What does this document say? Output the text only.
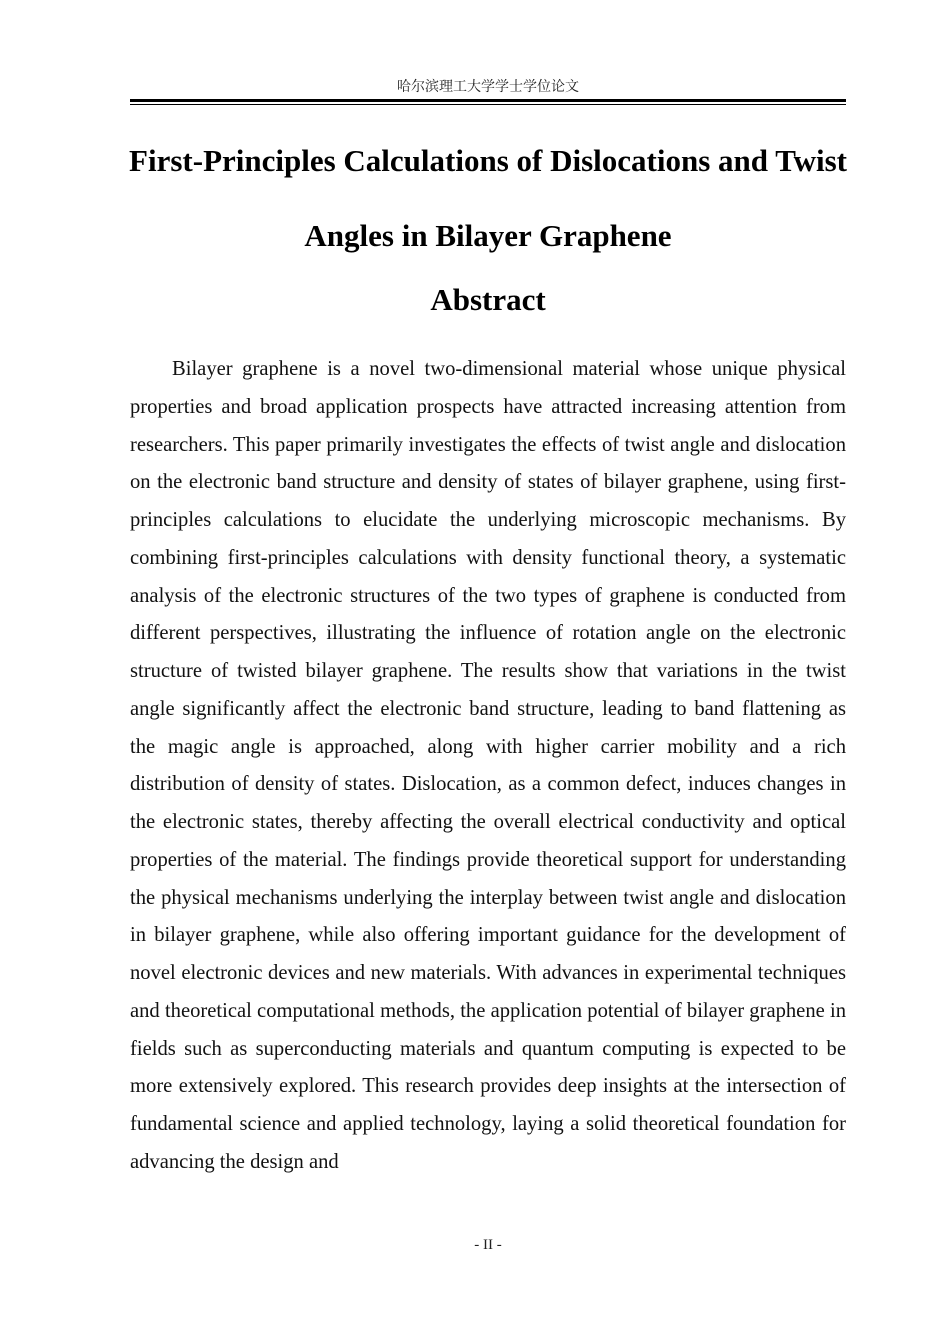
哈尔滨理工大学学士学位论文
First-Principles Calculations of Dislocations and Twist Angles in Bilayer Graphene
Abstract

Bilayer graphene is a novel two-dimensional material whose unique physical properties and broad application prospects have attracted increasing attention from researchers. This paper primarily investigates the effects of twist angle and dislocation on the electronic band structure and density of states of bilayer graphene, using first-principles calculations to elucidate the underlying microscopic mechanisms. By combining first-principles calculations with density functional theory, a systematic analysis of the electronic structures of the two types of graphene is conducted from different perspectives, illustrating the influence of rotation angle on the electronic structure of twisted bilayer graphene. The results show that variations in the twist angle significantly affect the electronic band structure, leading to band flattening as the magic angle is approached, along with higher carrier mobility and a rich distribution of density of states. Dislocation, as a common defect, induces changes in the electronic states, thereby affecting the overall electrical conductivity and optical properties of the material. The findings provide theoretical support for understanding the physical mechanisms underlying the interplay between twist angle and dislocation in bilayer graphene, while also offering important guidance for the development of novel electronic devices and new materials. With advances in experimental techniques and theoretical computational methods, the application potential of bilayer graphene in fields such as superconducting materials and quantum computing is expected to be more extensively explored. This research provides deep insights at the intersection of fundamental science and applied technology, laying a solid theoretical foundation for advancing the design and

- II -
